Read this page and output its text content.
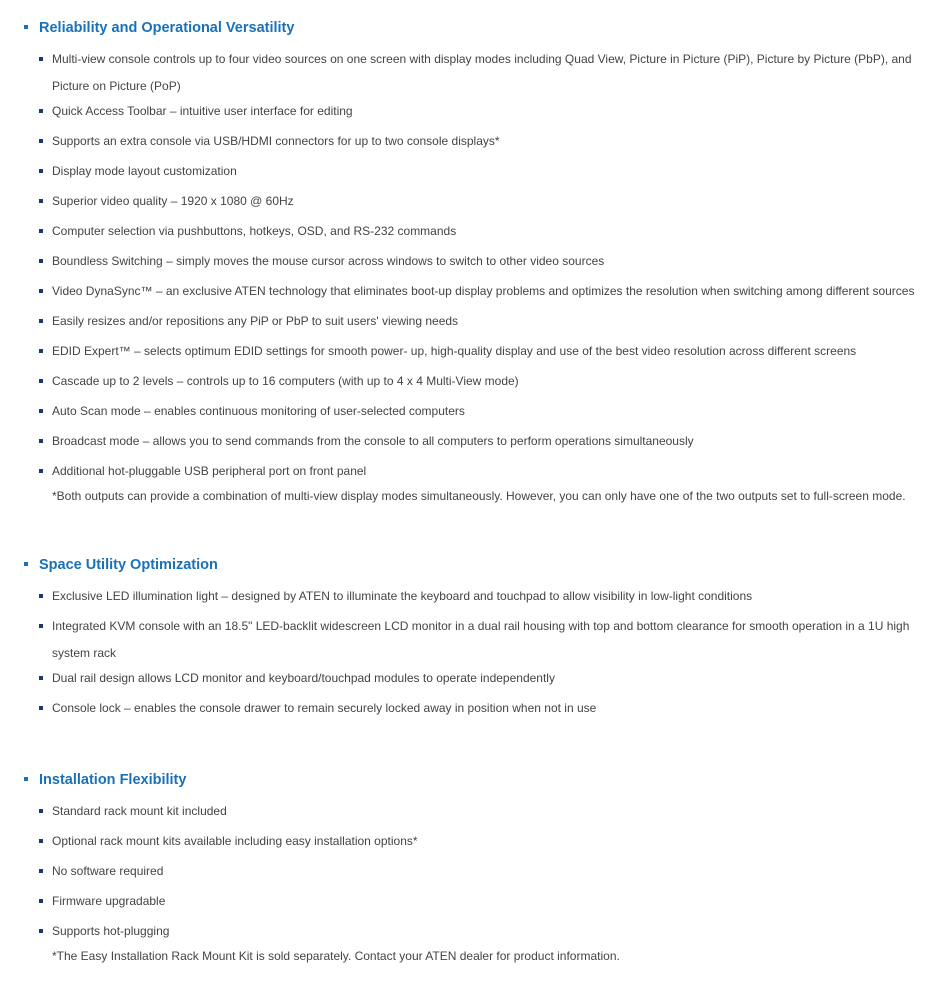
Reliability and Operational Versatility
Multi-view console controls up to four video sources on one screen with display modes including Quad View, Picture in Picture (PiP), Picture by Picture (PbP), and Picture on Picture (PoP)
Quick Access Toolbar – intuitive user interface for editing
Supports an extra console via USB/HDMI connectors for up to two console displays*
Display mode layout customization
Superior video quality – 1920 x 1080 @ 60Hz
Computer selection via pushbuttons, hotkeys, OSD, and RS-232 commands
Boundless Switching – simply moves the mouse cursor across windows to switch to other video sources
Video DynaSync™ – an exclusive ATEN technology that eliminates boot-up display problems and optimizes the resolution when switching among different sources
Easily resizes and/or repositions any PiP or PbP to suit users' viewing needs
EDID Expert™ – selects optimum EDID settings for smooth power- up, high-quality display and use of the best video resolution across different screens
Cascade up to 2 levels – controls up to 16 computers (with up to 4 x 4 Multi-View mode)
Auto Scan mode – enables continuous monitoring of user-selected computers
Broadcast mode – allows you to send commands from the console to all computers to perform operations simultaneously
Additional hot-pluggable USB peripheral port on front panel
*Both outputs can provide a combination of multi-view display modes simultaneously. However, you can only have one of the two outputs set to full-screen mode.
Space Utility Optimization
Exclusive LED illumination light – designed by ATEN to illuminate the keyboard and touchpad to allow visibility in low-light conditions
Integrated KVM console with an 18.5" LED-backlit widescreen LCD monitor in a dual rail housing with top and bottom clearance for smooth operation in a 1U high system rack
Dual rail design allows LCD monitor and keyboard/touchpad modules to operate independently
Console lock – enables the console drawer to remain securely locked away in position when not in use
Installation Flexibility
Standard rack mount kit included
Optional rack mount kits available including easy installation options*
No software required
Firmware upgradable
Supports hot-plugging
*The Easy Installation Rack Mount Kit is sold separately. Contact your ATEN dealer for product information.
